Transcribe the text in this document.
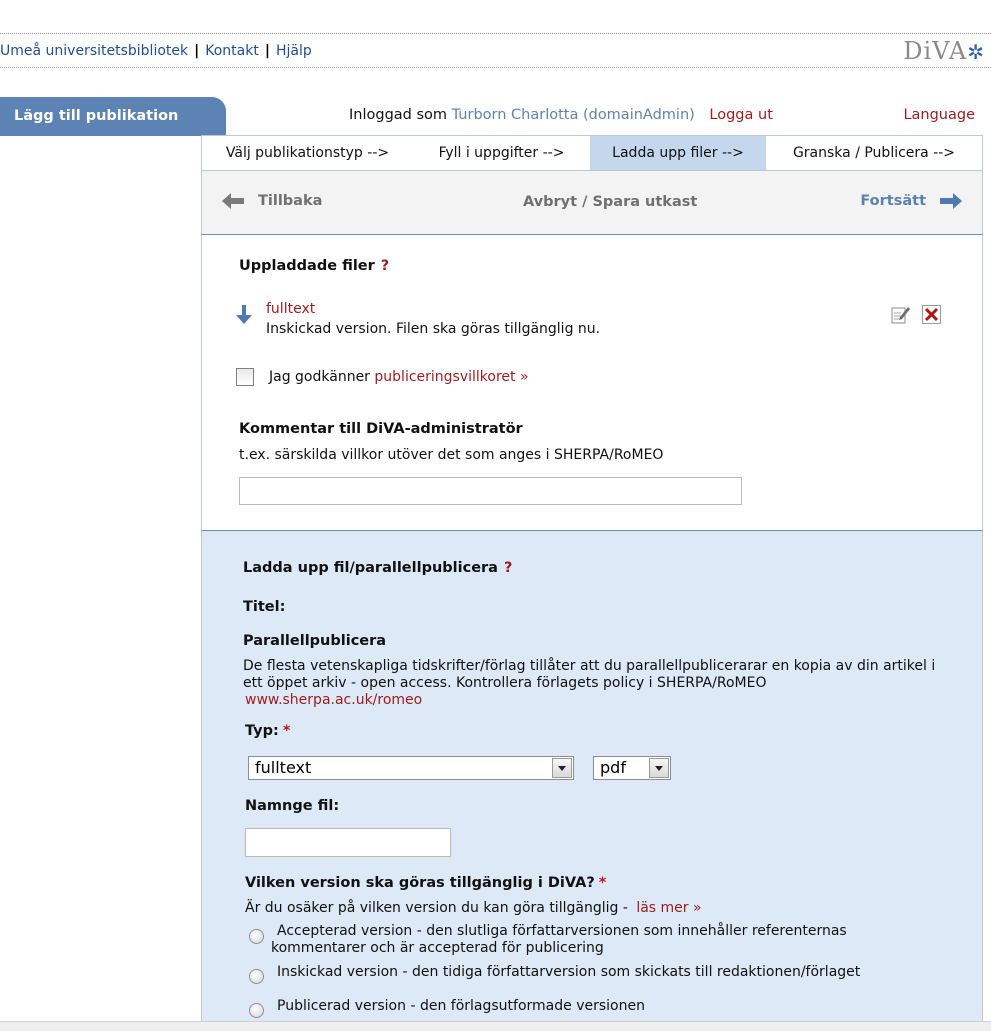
Umeå universitetsbibliotek | Kontakt | Hjälp	DiVA✲
Lägg till publikation	Inloggad som Turborn Charlotta (domainAdmin) Logga ut	Language
Välj publikationstyp -->	Fyll i uppgifter -->	Ladda upp filer -->	Granska / Publicera -->
Tillbaka	Avbryt / Spara utkast	Fortsätt
Uppladdade filer ?
fulltext
Inskickad version. Filen ska göras tillgänglig nu.
Jag godkänner publiceringsvillkoret »
Kommentar till DiVA-administratör
t.ex. särskilda villkor utöver det som anges i SHERPA/RoMEO
Ladda upp fil/parallellpublicera ?
Titel:
Parallellpublicera
De flesta vetenskapliga tidskrifter/förlag tillåter att du parallellpublicerarar en kopia av din artikel i ett öppet arkiv - open access. Kontrollera förlagets policy i SHERPA/RoMEO
www.sherpa.ac.uk/romeo
Typ: *
fulltext	pdf
Namnge fil:
Vilken version ska göras tillgänglig i DiVA? *
Är du osäker på vilken version du kan göra tillgänglig - läs mer »
Accepterad version - den slutliga författarversionen som innehåller referenternas kommentarer och är accepterad för publicering
Inskickad version - den tidiga författarversion som skickats till redaktionen/förlaget
Publicerad version - den förlagsutformade versionen
